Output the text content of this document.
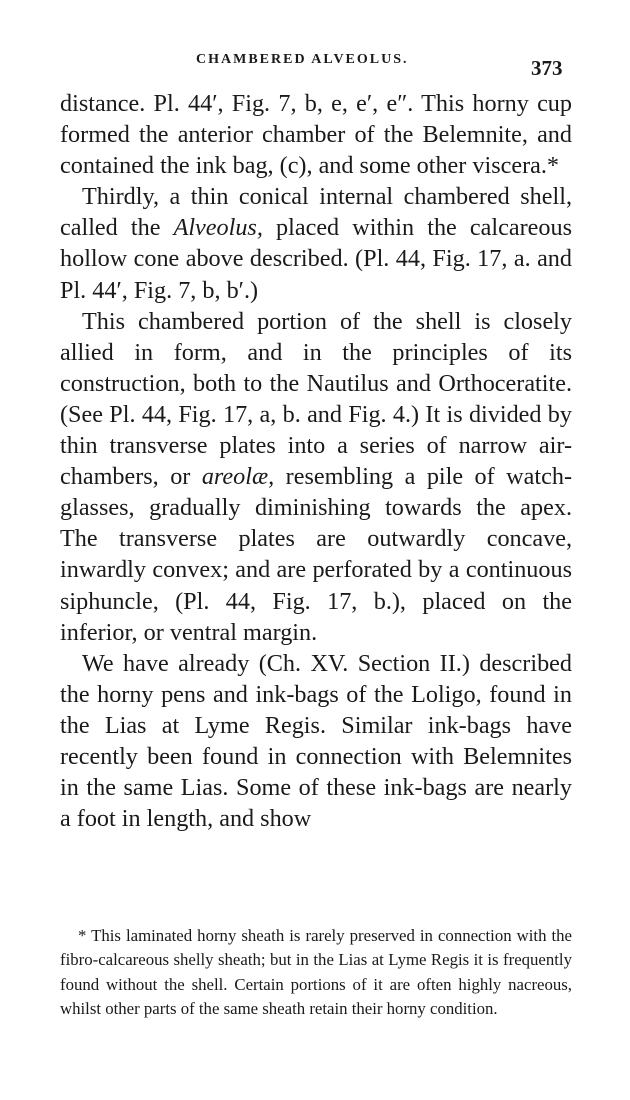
CHAMBERED ALVEOLUS.	373

distance. Pl. 44′, Fig. 7, b, e, e′, e″. This horny cup formed the anterior chamber of the Belemnite, and contained the ink bag, (c), and some other viscera.*

Thirdly, a thin conical internal chambered shell, called the Alveolus, placed within the calcareous hollow cone above described. (Pl. 44, Fig. 17, a. and Pl. 44′, Fig. 7, b, b′.)

This chambered portion of the shell is closely allied in form, and in the principles of its construction, both to the Nautilus and Orthoceratite. (See Pl. 44, Fig. 17, a, b. and Fig. 4.) It is divided by thin transverse plates into a series of narrow air-chambers, or areolæ, resembling a pile of watch-glasses, gradually diminishing towards the apex. The transverse plates are outwardly concave, inwardly convex; and are perforated by a continuous siphuncle, (Pl. 44, Fig. 17, b.), placed on the inferior, or ventral margin.

We have already (Ch. XV. Section II.) described the horny pens and ink-bags of the Loligo, found in the Lias at Lyme Regis. Similar ink-bags have recently been found in connection with Belemnites in the same Lias. Some of these ink-bags are nearly a foot in length, and show

* This laminated horny sheath is rarely preserved in connection with the fibro-calcareous shelly sheath; but in the Lias at Lyme Regis it is frequently found without the shell. Certain portions of it are often highly nacreous, whilst other parts of the same sheath retain their horny condition.
